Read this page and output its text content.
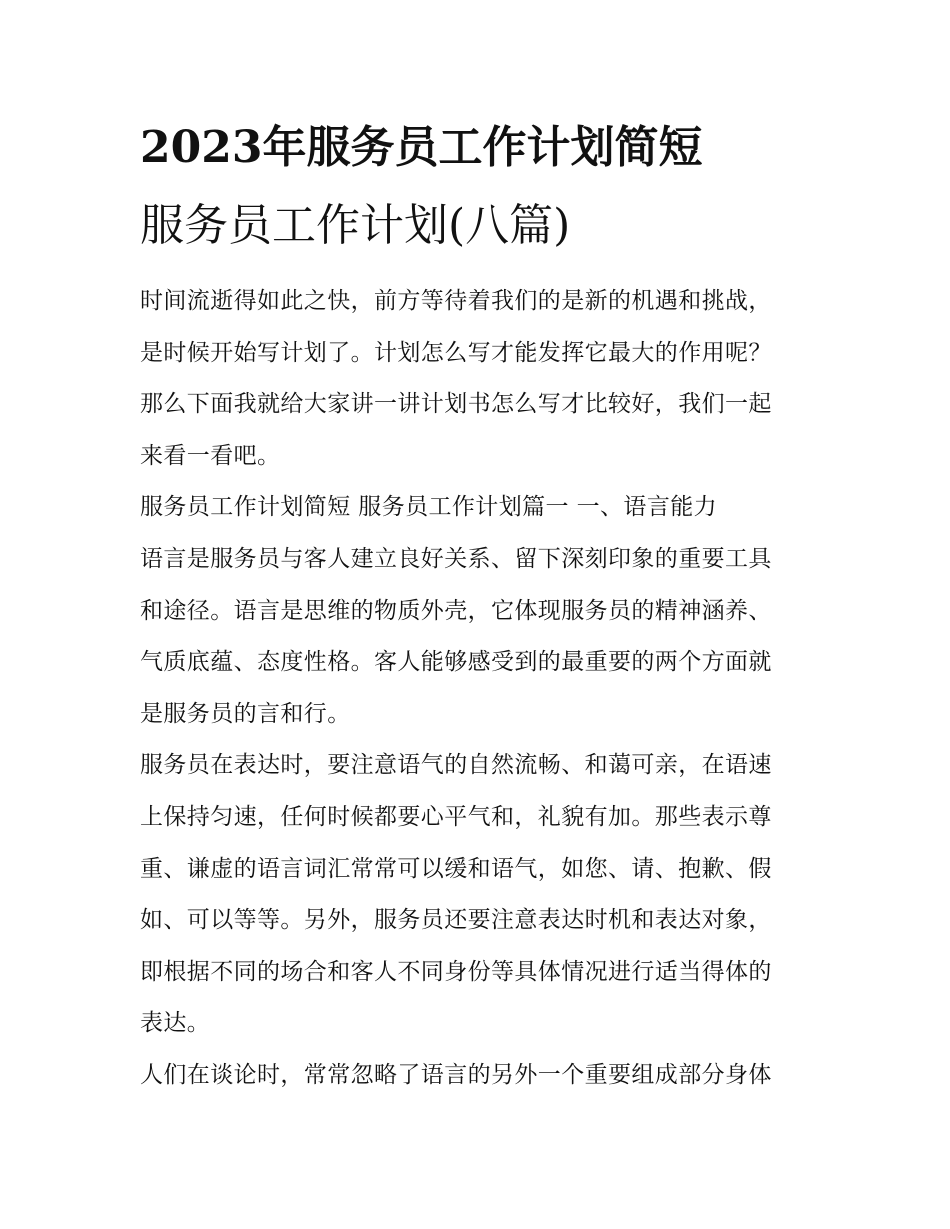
2023年服务员工作计划简短
服务员工作计划(八篇)

时间流逝得如此之快，前方等待着我们的是新的机遇和挑战，
是时候开始写计划了。计划怎么写才能发挥它最大的作用呢？
那么下面我就给大家讲一讲计划书怎么写才比较好，我们一起
来看一看吧。

服务员工作计划简短 服务员工作计划篇一 一、语言能力

语言是服务员与客人建立良好关系、留下深刻印象的重要工具
和途径。语言是思维的物质外壳，它体现服务员的精神涵养、
气质底蕴、态度性格。客人能够感受到的最重要的两个方面就
是服务员的言和行。

服务员在表达时，要注意语气的自然流畅、和蔼可亲，在语速
上保持匀速，任何时候都要心平气和，礼貌有加。那些表示尊
重、谦虚的语言词汇常常可以缓和语气，如您、请、抱歉、假
如、可以等等。另外，服务员还要注意表达时机和表达对象，
即根据不同的场合和客人不同身份等具体情况进行适当得体的
表达。

人们在谈论时，常常忽略了语言的另外一个重要组成部分身体
